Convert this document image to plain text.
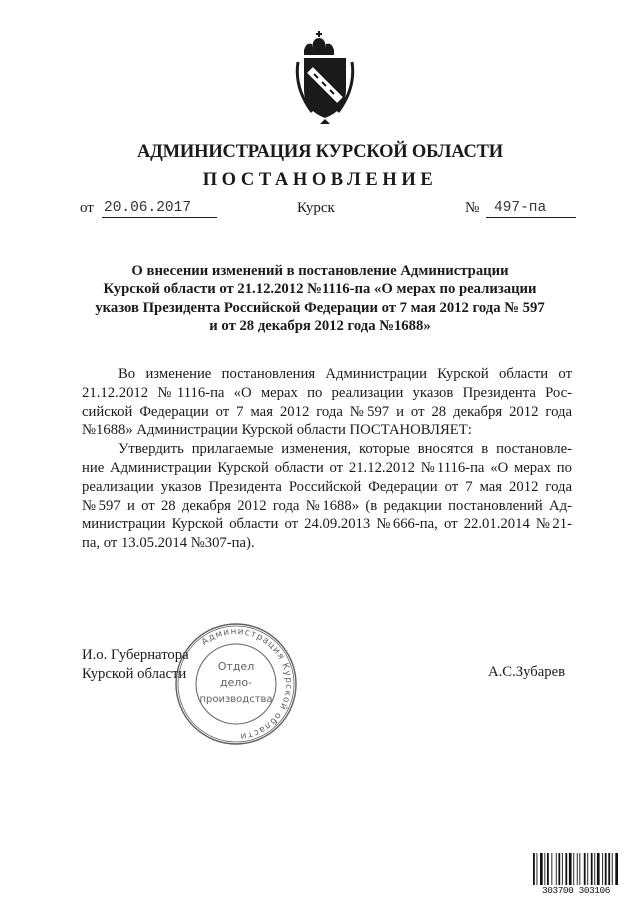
АДМИНИСТРАЦИЯ КУРСКОЙ ОБЛАСТИ
ПОСТАНОВЛЕНИЕ
от 20.06.2017	Курск	№	497-па
О внесении изменений в постановление Администрации
Курской области от 21.12.2012 №1116-па «О мерах по реализации
указов Президента Российской Федерации от 7 мая 2012 года № 597
и от 28 декабря 2012 года №1688»
Во изменение постановления Администрации Курской области от
21.12.2012 №1116-па «О мерах по реализации указов Президента Рос-
сийской Федерации от 7 мая 2012 года №597 и от 28 декабря 2012 года
№1688» Администрации Курской области ПОСТАНОВЛЯЕТ:
Утвердить прилагаемые изменения, которые вносятся в постановле-
ние Администрации Курской области от 21.12.2012 №1116-па «О мерах по
реализации указов Президента Российской Федерации от 7 мая 2012 года
№597 и от 28 декабря 2012 года №1688» (в редакции постановлений Ад-
министрации Курской области от 24.09.2013 №666-па, от 22.01.2014 №21-
па, от 13.05.2014 №307-па).
И.о. Губернатора
Курской области	А.С.Зубарев
Администрация Курской области
Отдел
дело-
производства
303700 303106
